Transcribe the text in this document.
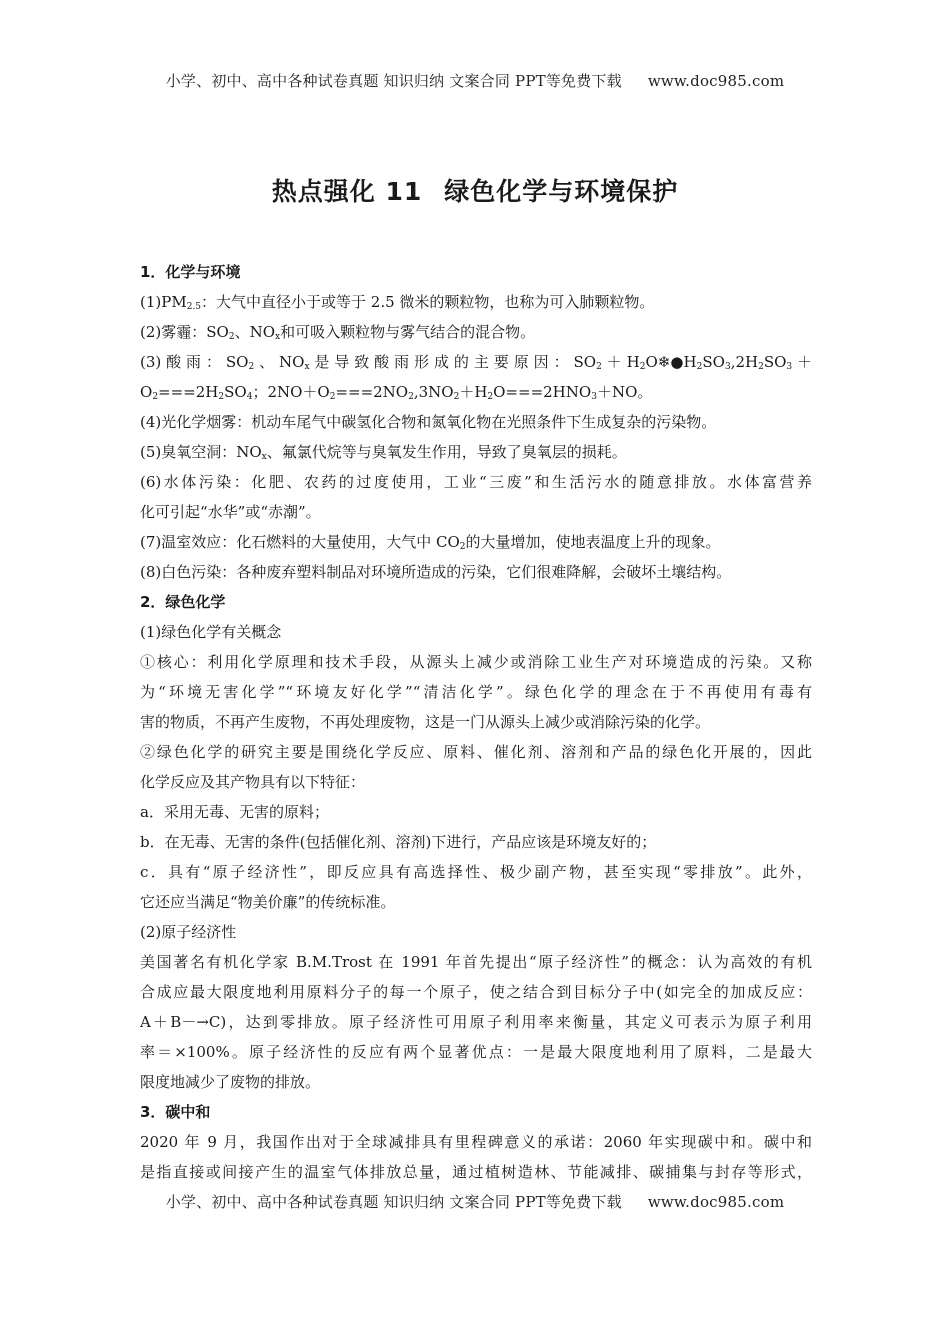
小学、初中、高中各种试卷真题 知识归纳 文案合同 PPT等免费下载 www.doc985.com
热点强化 11 绿色化学与环境保护
1．化学与环境
$(1)PM_{2.5}$：大气中直径小于或等于 2.5 微米的颗粒物，也称为可入肺颗粒物。
(2)雾霾：$SO_2$、$NO_x$和可吸入颗粒物与雾气结合的混合物。
(3) 酸 雨 ： $SO_2$ 、 $NO_x$ 是 导 致 酸 雨 形 成 的 主 要 原 因 ： $SO_2$ ＋ $H_2O❄●H_2SO_3,2H_2SO_3$ ＋
$O_2===2H_2SO_4$；$2NO+O_2===2NO_2,3NO_2+H_2O===2HNO_3+NO$。
(4)光化学烟雾：机动车尾气中碳氢化合物和氮氧化物在光照条件下生成复杂的污染物。
(5)臭氧空洞：$NO_x$、氟氯代烷等与臭氧发生作用，导致了臭氧层的损耗。
(6)水体污染：化肥、农药的过度使用，工业“三废”和生活污水的随意排放。水体富营养
化可引起“水华”或“赤潮”。
(7)温室效应：化石燃料的大量使用，大气中 $CO_2$的大量增加，使地表温度上升的现象。
(8)白色污染：各种废弃塑料制品对环境所造成的污染，它们很难降解，会破坏土壤结构。
2．绿色化学
(1)绿色化学有关概念
①核心：利用化学原理和技术手段，从源头上减少或消除工业生产对环境造成的污染。又称
为“环境无害化学”“环境友好化学”“清洁化学”。绿色化学的理念在于不再使用有毒有
害的物质，不再产生废物，不再处理废物，这是一门从源头上减少或消除污染的化学。
②绿色化学的研究主要是围绕化学反应、原料、催化剂、溶剂和产品的绿色化开展的，因此
化学反应及其产物具有以下特征：
a．采用无毒、无害的原料；
b．在无毒、无害的条件(包括催化剂、溶剂)下进行，产品应该是环境友好的；
c．具有“原子经济性”，即反应具有高选择性、极少副产物，甚至实现“零排放”。此外，
它还应当满足“物美价廉”的传统标准。
(2)原子经济性
美国著名有机化学家 B.M.Trost 在 1991 年首先提出“原子经济性”的概念：认为高效的有机
合成应最大限度地利用原料分子的每一个原子，使之结合到目标分子中(如完全的加成反应：
A＋B－→C)，达到零排放。原子经济性可用原子利用率来衡量，其定义可表示为原子利用
率＝×100%。原子经济性的反应有两个显著优点：一是最大限度地利用了原料，二是最大
限度地减少了废物的排放。
3．碳中和
2020 年 9 月，我国作出对于全球减排具有里程碑意义的承诺：2060 年实现碳中和。碳中和
是指直接或间接产生的温室气体排放总量，通过植树造林、节能减排、碳捕集与封存等形式，
小学、初中、高中各种试卷真题 知识归纳 文案合同 PPT等免费下载 www.doc985.com
